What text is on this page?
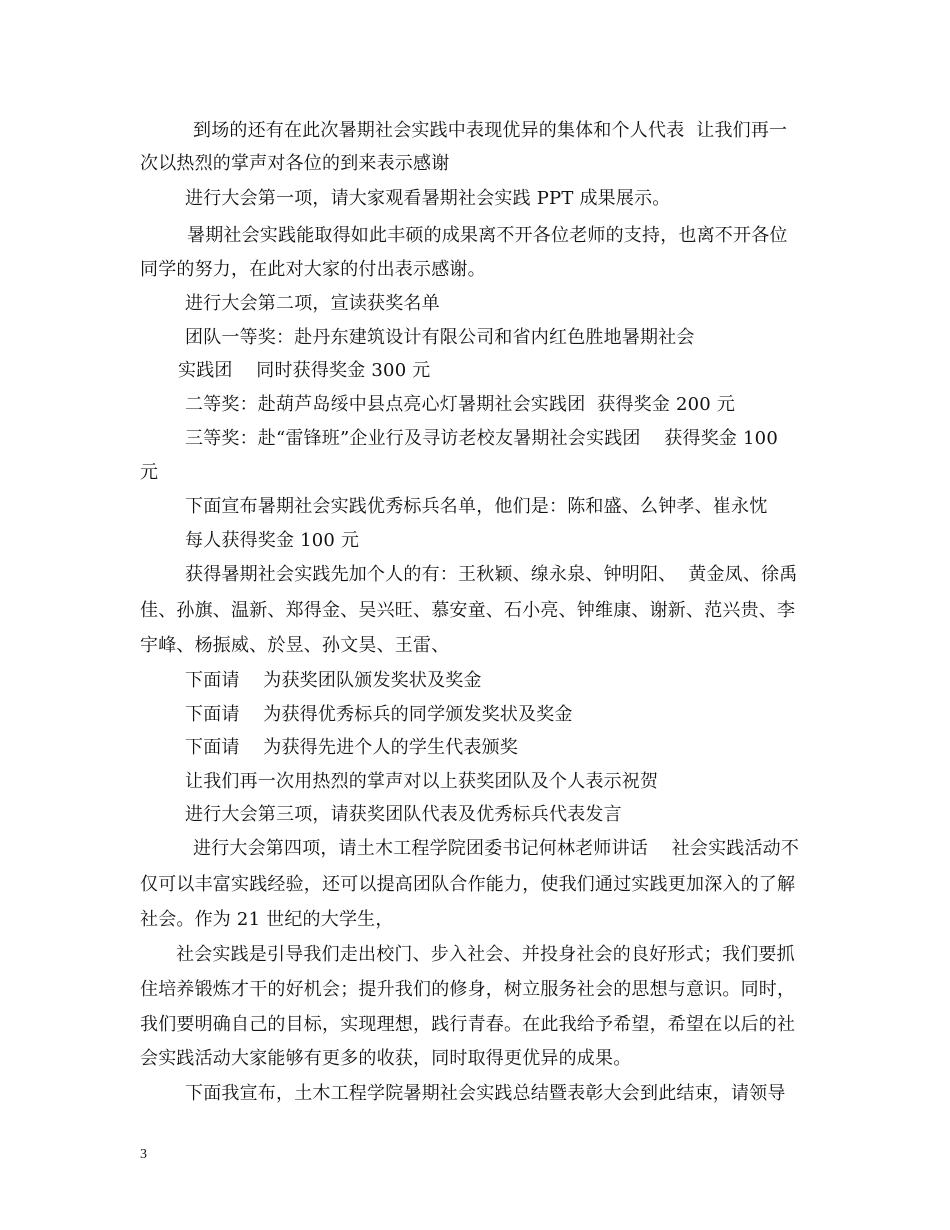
到场的还有在此次暑期社会实践中表现优异的集体和个人代表  让我们再一
次以热烈的掌声对各位的到来表示感谢
进行大会第一项，请大家观看暑期社会实践 PPT 成果展示。
暑期社会实践能取得如此丰硕的成果离不开各位老师的支持，也离不开各位
同学的努力，在此对大家的付出表示感谢。
进行大会第二项，宣读获奖名单
团队一等奖：赴丹东建筑设计有限公司和省内红色胜地暑期社会
实践团    同时获得奖金 300 元
二等奖：赴葫芦岛绥中县点亮心灯暑期社会实践团  获得奖金 200 元
三等奖：赴“雷锋班”企业行及寻访老校友暑期社会实践团    获得奖金 100
元
下面宣布暑期社会实践优秀标兵名单，他们是：陈和盛、么钟孝、崔永忱
每人获得奖金 100 元
获得暑期社会实践先加个人的有：王秋颖、缐永泉、钟明阳、  黄金凤、徐禹
佳、孙旗、温新、郑得金、吴兴旺、慕安童、石小亮、钟维康、谢新、范兴贵、李
宇峰、杨振威、於昱、孙文昊、王雷、
下面请    为获奖团队颁发奖状及奖金
下面请    为获得优秀标兵的同学颁发奖状及奖金
下面请    为获得先进个人的学生代表颁奖
让我们再一次用热烈的掌声对以上获奖团队及个人表示祝贺
进行大会第三项，请获奖团队代表及优秀标兵代表发言
进行大会第四项，请土木工程学院团委书记何林老师讲话    社会实践活动不
仅可以丰富实践经验，还可以提高团队合作能力，使我们通过实践更加深入的了解
社会。作为 21 世纪的大学生，
社会实践是引导我们走出校门、步入社会、并投身社会的良好形式；我们要抓
住培养锻炼才干的好机会；提升我们的修身，树立服务社会的思想与意识。同时，
我们要明确自己的目标，实现理想，践行青春。在此我给予希望，希望在以后的社
会实践活动大家能够有更多的收获，同时取得更优异的成果。
下面我宣布，土木工程学院暑期社会实践总结暨表彰大会到此结束，请领导
3
